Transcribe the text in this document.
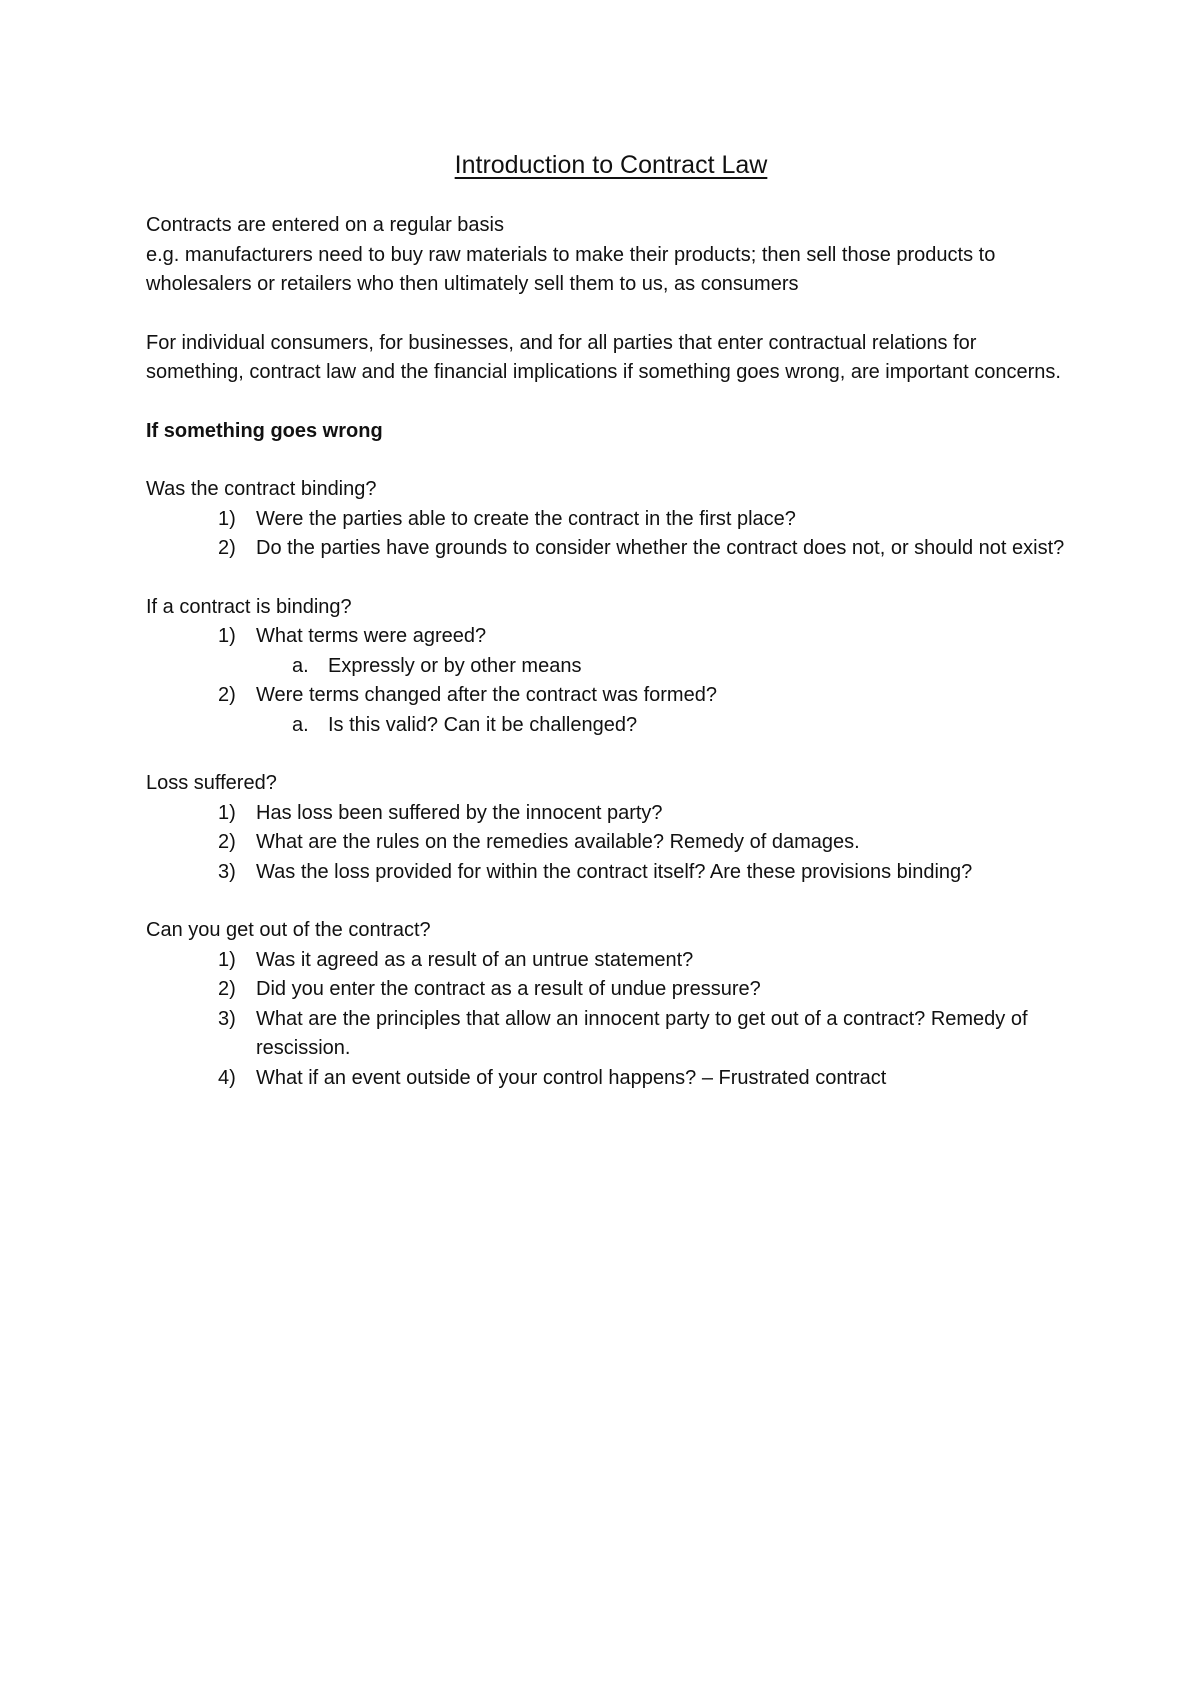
Introduction to Contract Law

Contracts are entered on a regular basis
e.g. manufacturers need to buy raw materials to make their products; then sell those products to wholesalers or retailers who then ultimately sell them to us, as consumers

For individual consumers, for businesses, and for all parties that enter contractual relations for something, contract law and the financial implications if something goes wrong, are important concerns.

If something goes wrong

Was the contract binding?
1)	Were the parties able to create the contract in the first place?
2)	Do the parties have grounds to consider whether the contract does not, or should not exist?
If a contract is binding?
1)	What terms were agreed?
a. Expressly or by other means
2)	Were terms changed after the contract was formed?
a. Is this valid? Can it be challenged?
Loss suffered?
1)	Has loss been suffered by the innocent party?
2)	What are the rules on the remedies available? Remedy of damages.
3)	Was the loss provided for within the contract itself? Are these provisions binding?
Can you get out of the contract?
1)	Was it agreed as a result of an untrue statement?
2)	Did you enter the contract as a result of undue pressure?
3)	What are the principles that allow an innocent party to get out of a contract? Remedy of rescission.
4)	What if an event outside of your control happens? – Frustrated contract
